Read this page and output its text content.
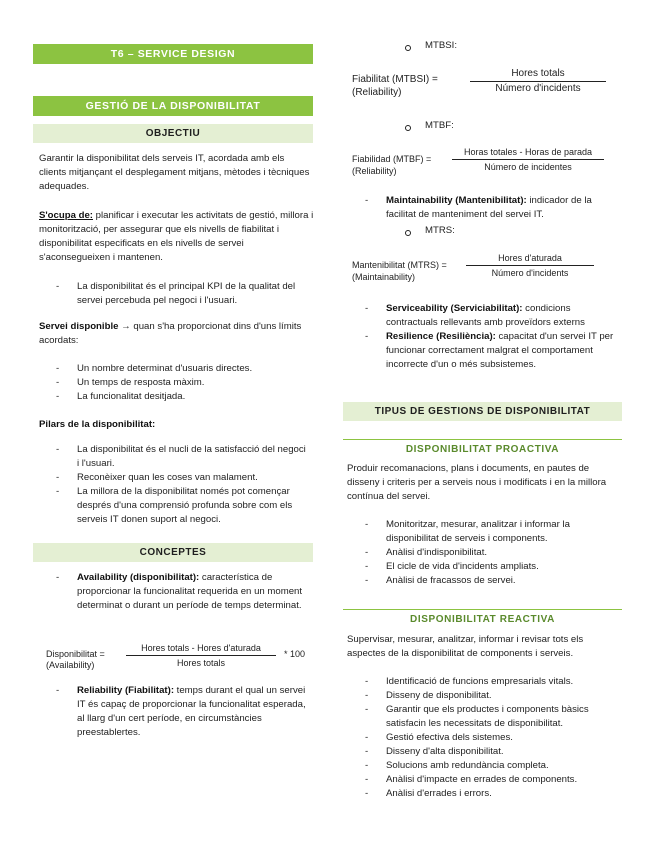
T6 – SERVICE DESIGN
GESTIÓ DE LA DISPONIBILITAT
OBJECTIU

Garantir la disponibilitat dels serveis IT, acordada amb els clients mitjançant el desplegament mitjans, mètodes i tècniques adequades.

S'ocupa de: planificar i executar les activitats de gestió, millora i monitorització, per assegurar que els nivells de fiabilitat i disponibilitat especificats en els nivells de servei s'aconsegueixen i mantenen.

- La disponibilitat és el principal KPI de la qualitat del servei percebuda pel negoci i l'usuari.

Servei disponible → quan s'ha proporcionat dins d'uns límits acordats:

- Un nombre determinat d'usuaris directes.
- Un temps de resposta màxim.
- La funcionalitat desitjada.

Pilars de la disponibilitat:

- La disponibilitat és el nucli de la satisfacció del negoci i l'usuari.
- Reconèixer quan les coses van malament.
- La millora de la disponibilitat només pot començar després d'una comprensió profunda sobre com els serveis IT donen suport al negoci.
CONCEPTES
- Availability (disponibilitat): característica de proporcionar la funcionalitat requerida en un moment determinat o durant un període de temps determinat.
Disponibilitat =
(Availability)
Hores totals - Hores d'aturada
Hores totals
* 100
- Reliability (Fiabilitat): temps durant el qual un servei IT és capaç de proporcionar la funcionalitat esperada, al llarg d'un cert període, en circumstàncies preestablertes.
MTBSI:
Fiabilitat (MTBSI) =
(Reliability)
Hores totals
Número d'incidents
MTBF:
Fiabilidad (MTBF) =
(Reliability)
Horas totales - Horas de parada
Número de incidentes
- Maintainability (Mantenibilitat): indicador de la facilitat de manteniment del servei IT.
MTRS:
Mantenibilitat (MTRS) =
(Maintainability)
Hores d'aturada
Número d'incidents
- Serviceability (Serviciabilitat): condicions contractuals rellevants amb proveïdors externs
- Resilience (Resiliència): capacitat d'un servei IT per funcionar correctament malgrat el comportament incorrecte d'un o més subsistemes.
TIPUS DE GESTIONS DE DISPONIBILITAT
DISPONIBILITAT PROACTIVA

Produir recomanacions, plans i documents, en pautes de disseny i criteris per a serveis nous i modificats i en la millora contínua del servei.

- Monitoritzar, mesurar, analitzar i informar la disponibilitat de serveis i components.
- Anàlisi d'indisponibilitat.
- El cicle de vida d'incidents ampliats.
- Anàlisi de fracassos de servei.
DISPONIBILITAT REACTIVA

Supervisar, mesurar, analitzar, informar i revisar tots els aspectes de la disponibilitat de components i serveis.

- Identificació de funcions empresarials vitals.
- Disseny de disponibilitat.
- Garantir que els productes i components bàsics satisfacin les necessitats de disponibilitat.
- Gestió efectiva dels sistemes.
- Disseny d'alta disponibilitat.
- Solucions amb redundància completa.
- Anàlisi d'impacte en errades de components.
- Anàlisi d'errades i errors.
